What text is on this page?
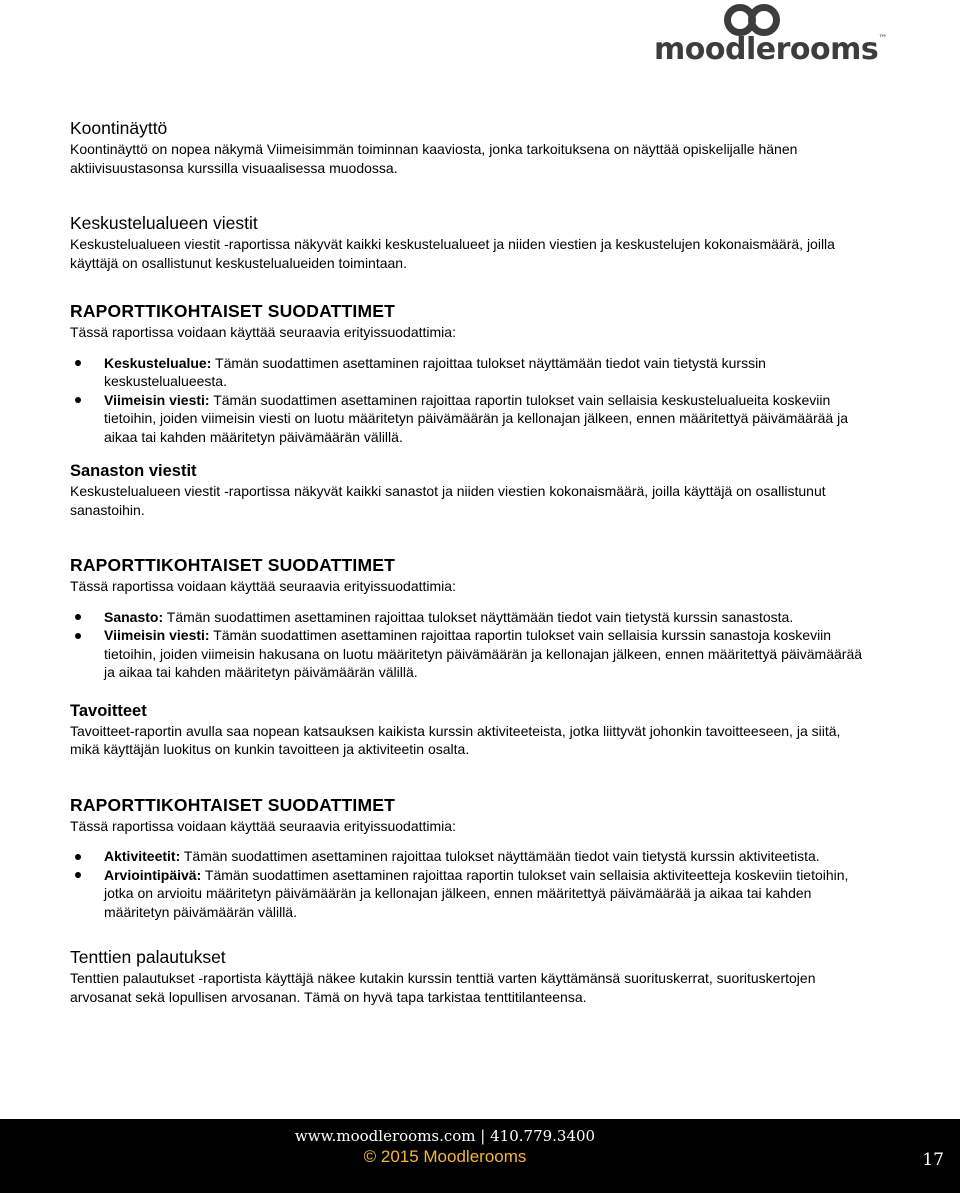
moodlerooms™
Koontinäyttö

Koontinäyttö on nopea näkymä Viimeisimmän toiminnan kaaviosta, jonka tarkoituksena on näyttää opiskelijalle hänen aktiivisuustasonsa kurssilla visuaalisessa muodossa.

Keskustelualueen viestit

Keskustelualueen viestit -raportissa näkyvät kaikki keskustelualueet ja niiden viestien ja keskustelujen kokonaismäärä, joilla käyttäjä on osallistunut keskustelualueiden toimintaan.

RAPORTTIKOHTAISET SUODATTIMET

Tässä raportissa voidaan käyttää seuraavia erityissuodattimia:

Keskustelualue: Tämän suodattimen asettaminen rajoittaa tulokset näyttämään tiedot vain tietystä kurssin keskustelualueesta.
Viimeisin viesti: Tämän suodattimen asettaminen rajoittaa raportin tulokset vain sellaisia keskustelualueita koskeviin tietoihin, joiden viimeisin viesti on luotu määritetyn päivämäärän ja kellonajan jälkeen, ennen määritettyä päivämäärää ja aikaa tai kahden määritetyn päivämäärän välillä.
Sanaston viestit

Keskustelualueen viestit -raportissa näkyvät kaikki sanastot ja niiden viestien kokonaismäärä, joilla käyttäjä on osallistunut sanastoihin.

RAPORTTIKOHTAISET SUODATTIMET

Tässä raportissa voidaan käyttää seuraavia erityissuodattimia:

Sanasto: Tämän suodattimen asettaminen rajoittaa tulokset näyttämään tiedot vain tietystä kurssin sanastosta.
Viimeisin viesti: Tämän suodattimen asettaminen rajoittaa raportin tulokset vain sellaisia kurssin sanastoja koskeviin tietoihin, joiden viimeisin hakusana on luotu määritetyn päivämäärän ja kellonajan jälkeen, ennen määritettyä päivämäärää ja aikaa tai kahden määritetyn päivämäärän välillä.
Tavoitteet

Tavoitteet-raportin avulla saa nopean katsauksen kaikista kurssin aktiviteeteista, jotka liittyvät johonkin tavoitteeseen, ja siitä, mikä käyttäjän luokitus on kunkin tavoitteen ja aktiviteetin osalta.

RAPORTTIKOHTAISET SUODATTIMET

Tässä raportissa voidaan käyttää seuraavia erityissuodattimia:

Aktiviteetit: Tämän suodattimen asettaminen rajoittaa tulokset näyttämään tiedot vain tietystä kurssin aktiviteetista.
Arviointipäivä: Tämän suodattimen asettaminen rajoittaa raportin tulokset vain sellaisia aktiviteetteja koskeviin tietoihin, jotka on arvioitu määritetyn päivämäärän ja kellonajan jälkeen, ennen määritettyä päivämäärää ja aikaa tai kahden määritetyn päivämäärän välillä.
Tenttien palautukset

Tenttien palautukset -raportista käyttäjä näkee kutakin kurssin tenttiä varten käyttämänsä suorituskerrat, suorituskertojen arvosanat sekä lopullisen arvosanan. Tämä on hyvä tapa tarkistaa tenttitilanteensa.

www.moodlerooms.com | 410.779.3400
© 2015 Moodlerooms	17
